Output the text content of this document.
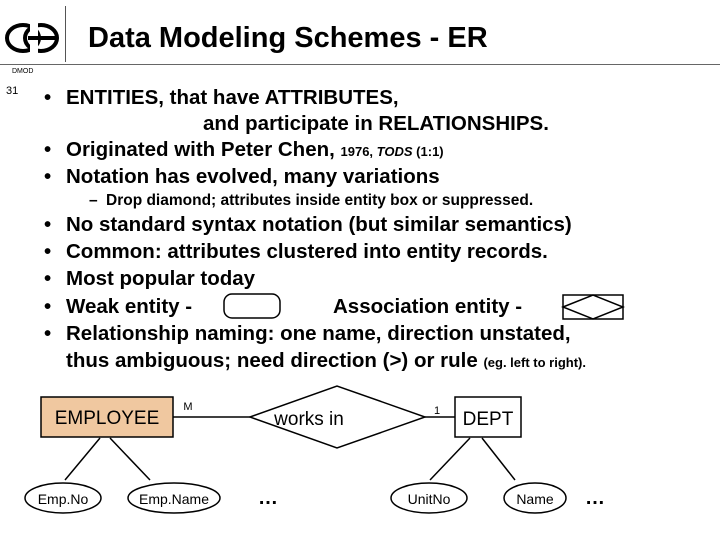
Data Modeling Schemes - ER
DMOD
31 • ENTITIES, that have ATTRIBUTES,
and participate in RELATIONSHIPS.
• Originated with Peter Chen, 1976, TODS (1:1)
• Notation has evolved, many variations
– Drop diamond; attributes inside entity box or suppressed.
• No standard syntax notation (but similar semantics)
• Common: attributes clustered into entity records.
• Most popular today
• Weak entity -	Association entity -
• Relationship naming: one name, direction unstated,
thus ambiguous; need direction (>) or rule (eg. left to right).
EMPLOYEE	works in	DEPT
M	1
Emp.No	Emp.Name …	UnitNo	Name …
